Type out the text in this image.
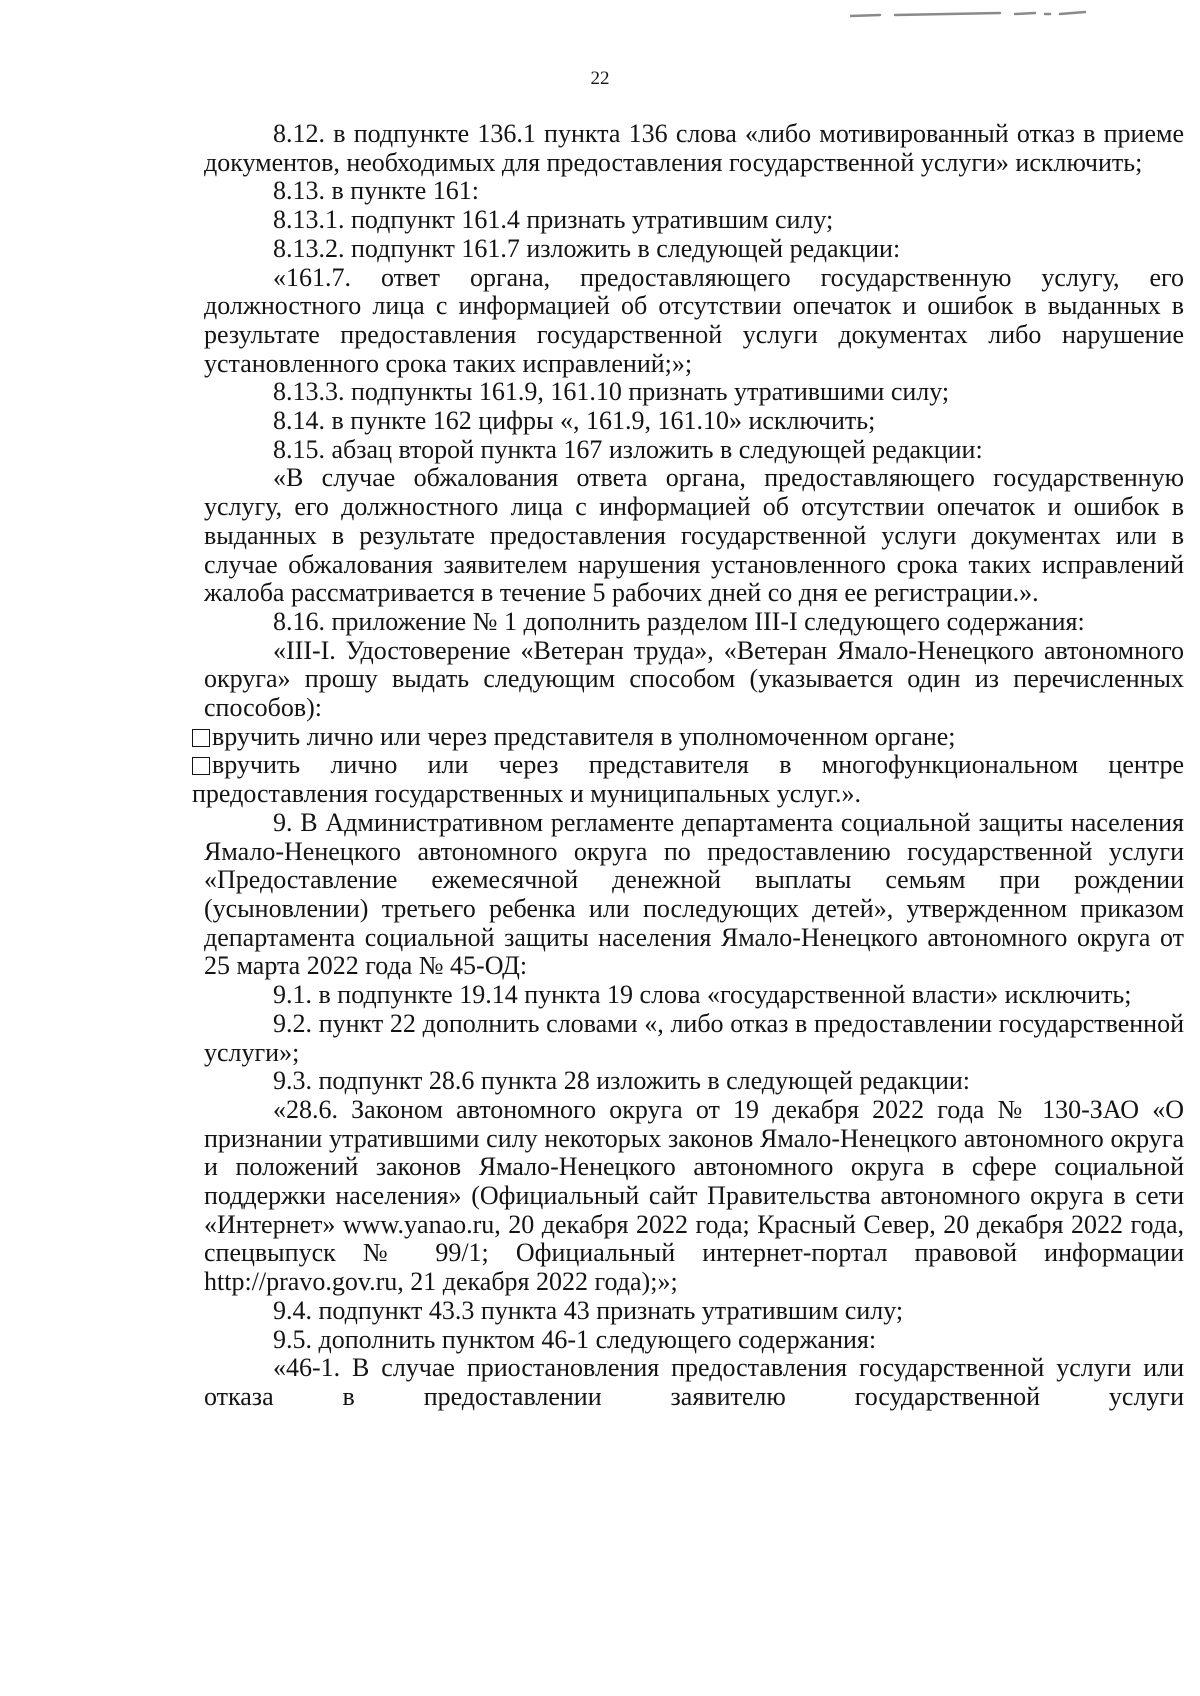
22

8.12. в подпункте 136.1 пункта 136 слова «либо мотивированный отказ в приеме документов, необходимых для предоставления государственной услуги» исключить;

8.13. в пункте 161:

8.13.1. подпункт 161.4 признать утратившим силу;

8.13.2. подпункт 161.7 изложить в следующей редакции:

«161.7. ответ органа, предоставляющего государственную услугу, его должностного лица с информацией об отсутствии опечаток и ошибок в выданных в результате предоставления государственной услуги документах либо нарушение установленного срока таких исправлений;»;

8.13.3. подпункты 161.9, 161.10 признать утратившими силу;

8.14. в пункте 162 цифры «, 161.9, 161.10» исключить;

8.15. абзац второй пункта 167 изложить в следующей редакции:

«В случае обжалования ответа органа, предоставляющего государственную услугу, его должностного лица с информацией об отсутствии опечаток и ошибок в выданных в результате предоставления государственной услуги документах или в случае обжалования заявителем нарушения установленного срока таких исправлений жалоба рассматривается в течение 5 рабочих дней со дня ее регистрации.».

8.16. приложение № 1 дополнить разделом III-I следующего содержания:

«III-I. Удостоверение «Ветеран труда», «Ветеран Ямало-Ненецкого автономного округа» прошу выдать следующим способом (указывается один из перечисленных способов):

вручить лично или через представителя в уполномоченном органе;

вручить лично или через представителя в многофункциональном центре предоставления государственных и муниципальных услуг.».

9. В Административном регламенте департамента социальной защиты населения Ямало-Ненецкого автономного округа по предоставлению государственной услуги «Предоставление ежемесячной денежной выплаты семьям при рождении (усыновлении) третьего ребенка или последующих детей», утвержденном приказом департамента социальной защиты населения Ямало-Ненецкого автономного округа от 25 марта 2022 года № 45-ОД:

9.1. в подпункте 19.14 пункта 19 слова «государственной власти» исключить;

9.2. пункт 22 дополнить словами «, либо отказ в предоставлении государственной услуги»;

9.3. подпункт 28.6 пункта 28 изложить в следующей редакции:

«28.6. Законом автономного округа от 19 декабря 2022 года № 130-ЗАО «О признании утратившими силу некоторых законов Ямало-Ненецкого автономного округа и положений законов Ямало-Ненецкого автономного округа в сфере социальной поддержки населения» (Официальный сайт Правительства автономного округа в сети «Интернет» www.yanao.ru, 20 декабря 2022 года; Красный Север, 20 декабря 2022 года, спецвыпуск № 99/1; Официальный интернет-портал правовой информации http://pravo.gov.ru, 21 декабря 2022 года);»;

9.4. подпункт 43.3 пункта 43 признать утратившим силу;

9.5. дополнить пунктом 46-1 следующего содержания:

«46-1. В случае приостановления предоставления государственной услуги или отказа в предоставлении заявителю государственной услуги
